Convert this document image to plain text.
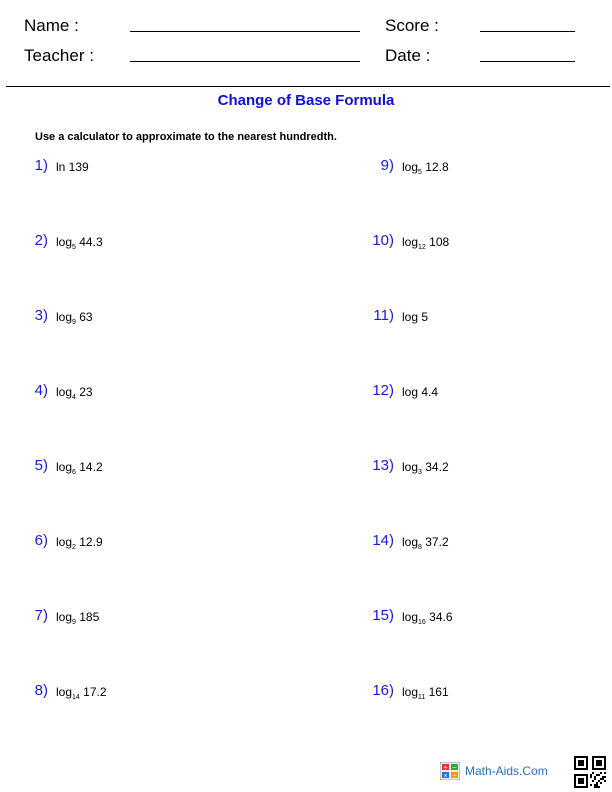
Name :	Score :
Teacher :	Date :
Change of Base Formula
Use a calculator to approximate to the nearest hundredth.
1) ln 139
2) $\log_5 44.3$
3) $\log_9 63$
4) $\log_4 23$
5) $\log_6 14.2$
6) $\log_2 12.9$
7) $\log_9 185$
8) $\log_{14} 17.2$
9) $\log_5 12.8$
10) $\log_{12} 108$
11) log 5
12) log 4.4
13) $\log_3 34.2$
14) $\log_8 37.2$
15) $\log_{16} 34.6$
16) $\log_{11} 161$
+ −
× ÷ Math-Aids.Com
